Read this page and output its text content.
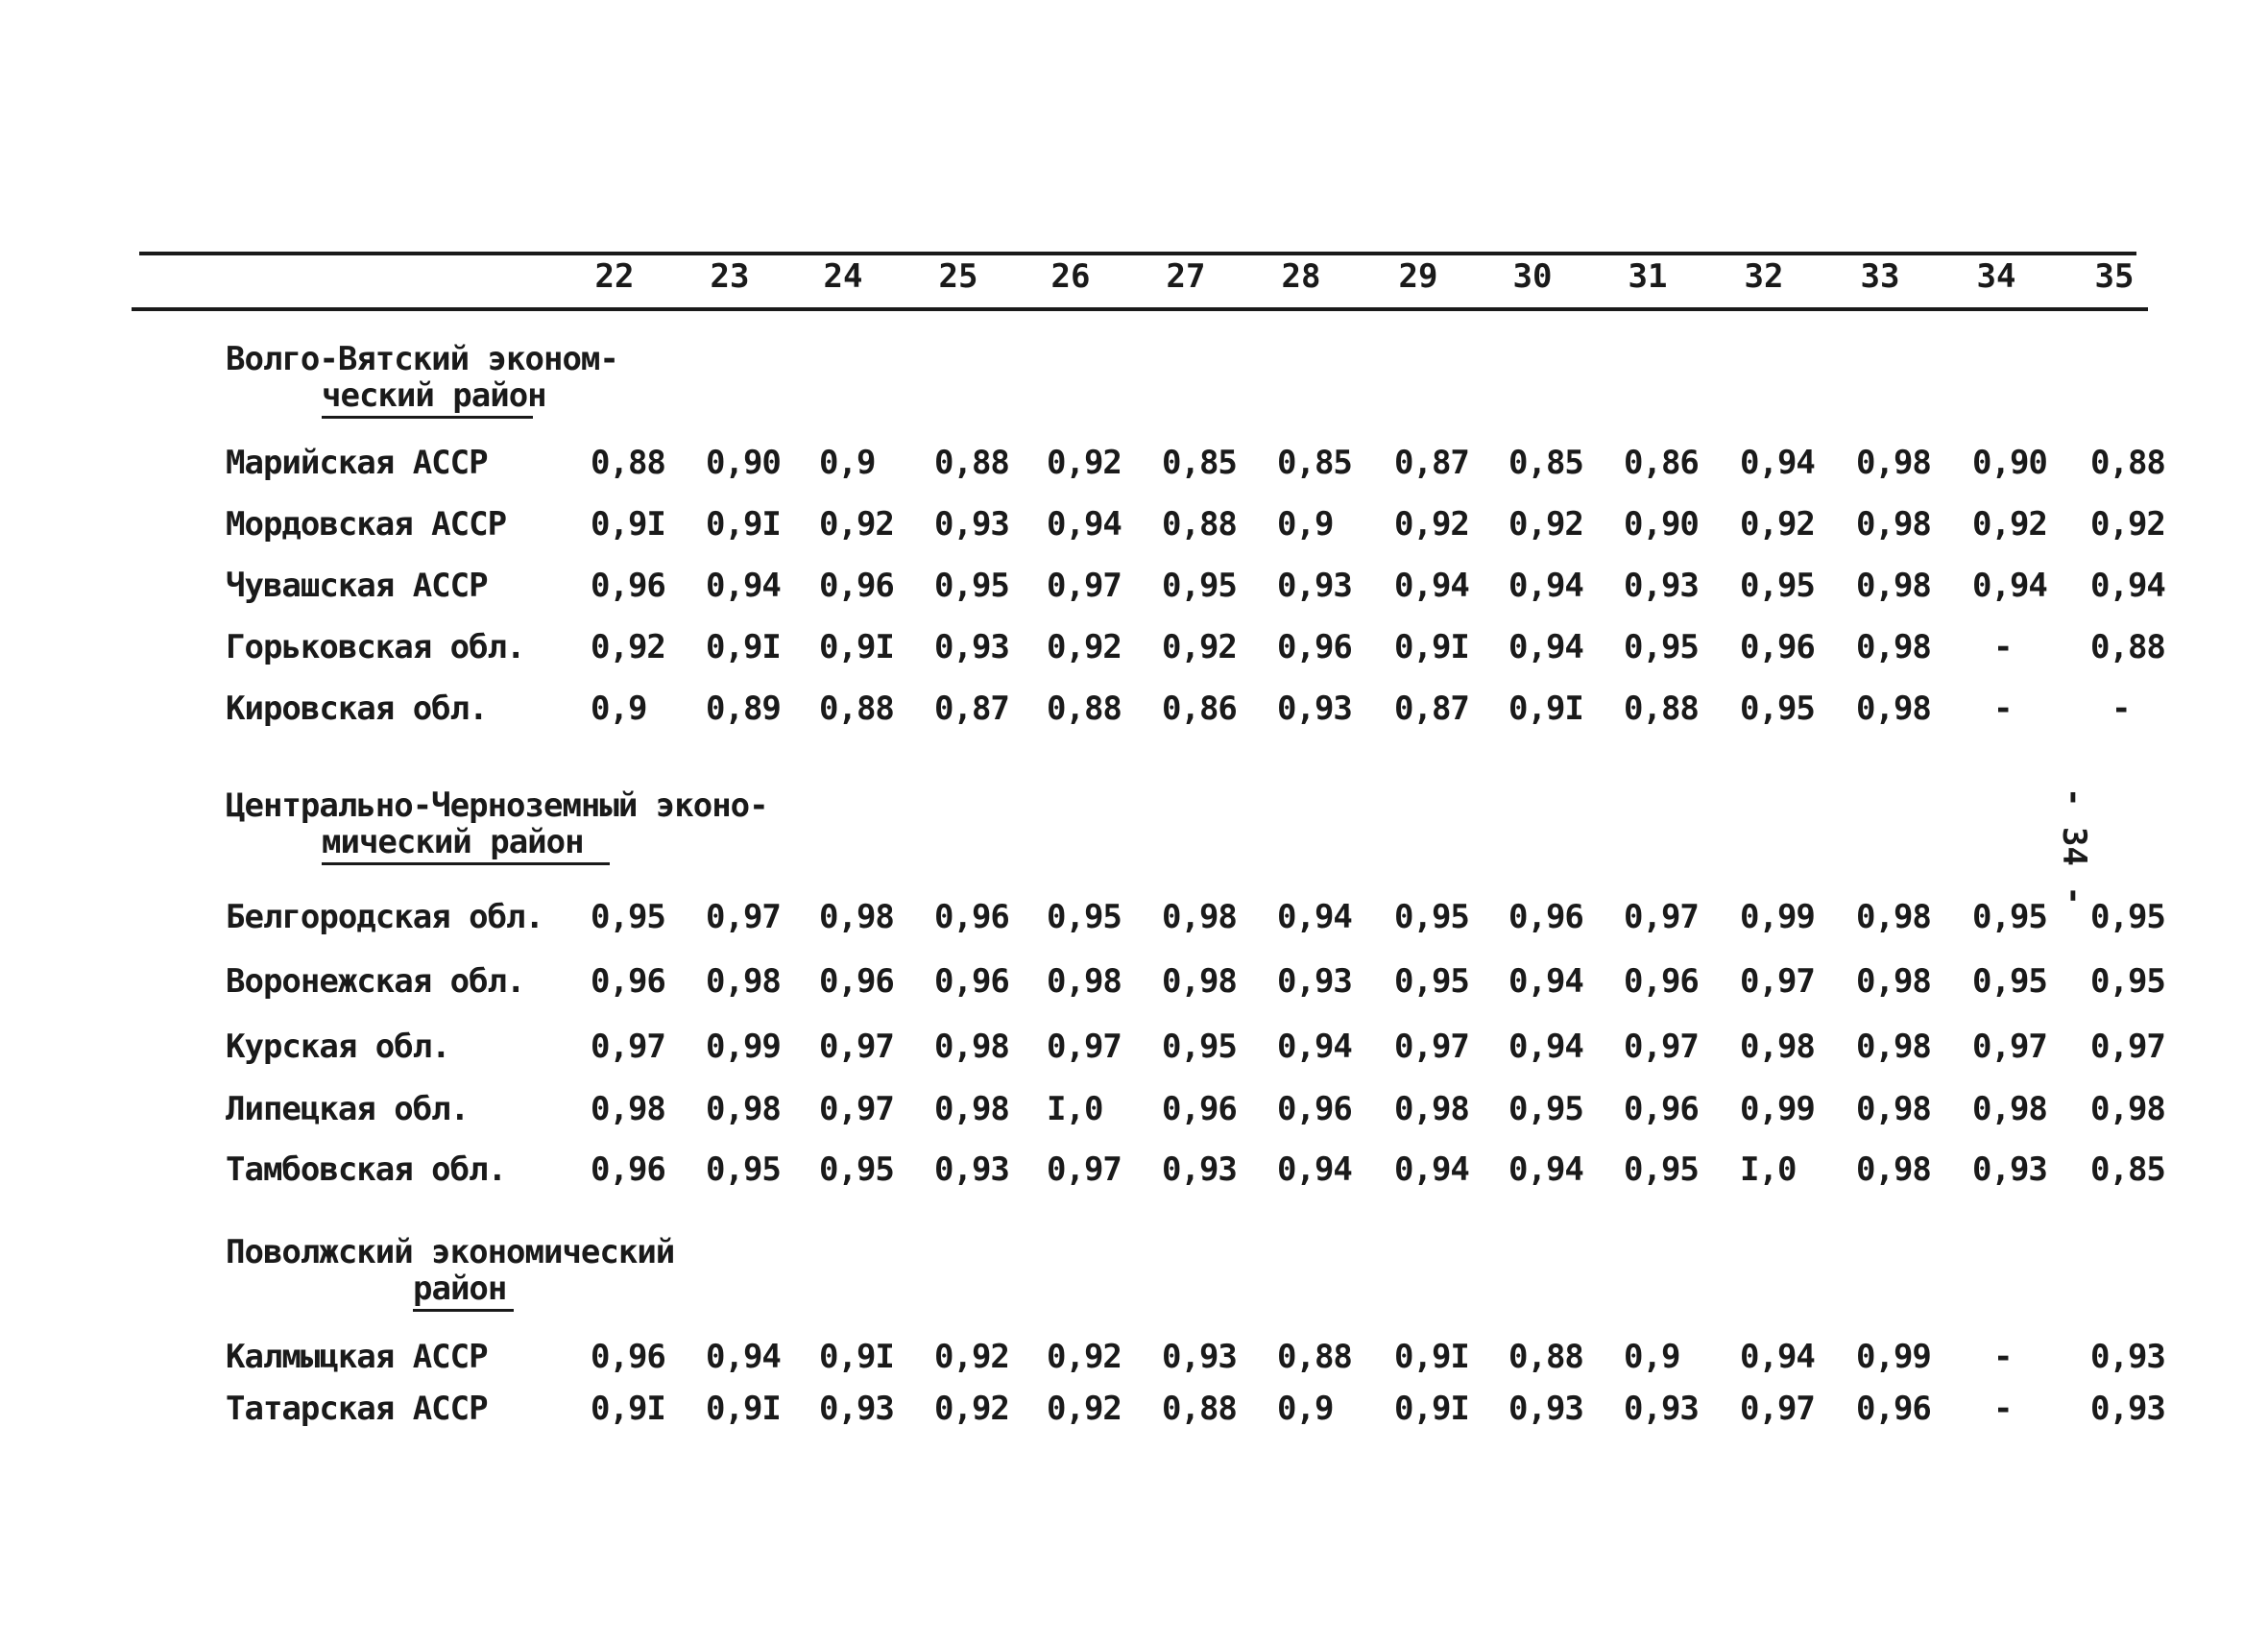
22	23	24	25	26	27	28	29	30	31	32	33	34	35
Волго-Вятский эконом-
ческий район
Марийская АССР	0,88	0,90	0,9	0,88	0,92	0,85	0,85	0,87	0,85	0,86	0,94	0,98	0,90	0,88
Мордовская АССР	0,9I	0,9I	0,92	0,93	0,94	0,88	0,9	0,92	0,92	0,90	0,92	0,98	0,92	0,92
Чувашская АССР	0,96	0,94	0,96	0,95	0,97	0,95	0,93	0,94	0,94	0,93	0,95	0,98	0,94	0,94
Горьковская обл. 0,92	0,9I	0,9I	0,93	0,92	0,92	0,96	0,9I	0,94	0,95	0,96	0,98	-	0,88
Кировская обл.	0,9	0,89	0,88	0,87	0,88	0,86	0,93	0,87	0,9I	0,88	0,95	0,98	-	-
Центрально-Черноземный эконо-
мический район
Белгородская обл. 0,95	0,97	0,98	0,96	0,95	0,98	0,94	0,95	0,96	0,97	0,99	0,98	0,95	0,95
Воронежская обл. 0,96	0,98	0,96	0,96	0,98	0,98	0,93	0,95	0,94	0,96	0,97	0,98	0,95	0,95
Курская обл.	0,97	0,99	0,97	0,98	0,97	0,95	0,94	0,97	0,94	0,97	0,98	0,98	0,97	0,97
Липецкая обл.	0,98	0,98	0,97	0,98	I,0	0,96	0,96	0,98	0,95	0,96	0,99	0,98	0,98	0,98
Тамбовская обл.	0,96	0,95	0,95	0,93	0,97	0,93	0,94	0,94	0,94	0,95	I,0	0,98	0,93	0,85
Поволжский экономический
район
Калмыцкая АССР	0,96	0,94	0,9I	0,92	0,92	0,93	0,88	0,9I	0,88	0,9	0,94	0,99	-	0,93
Татарская АССР	0,9I	0,9I	0,93	0,92	0,92	0,88	0,9	0,9I	0,93	0,93	0,97	0,96	-	0,93
- 34 -
